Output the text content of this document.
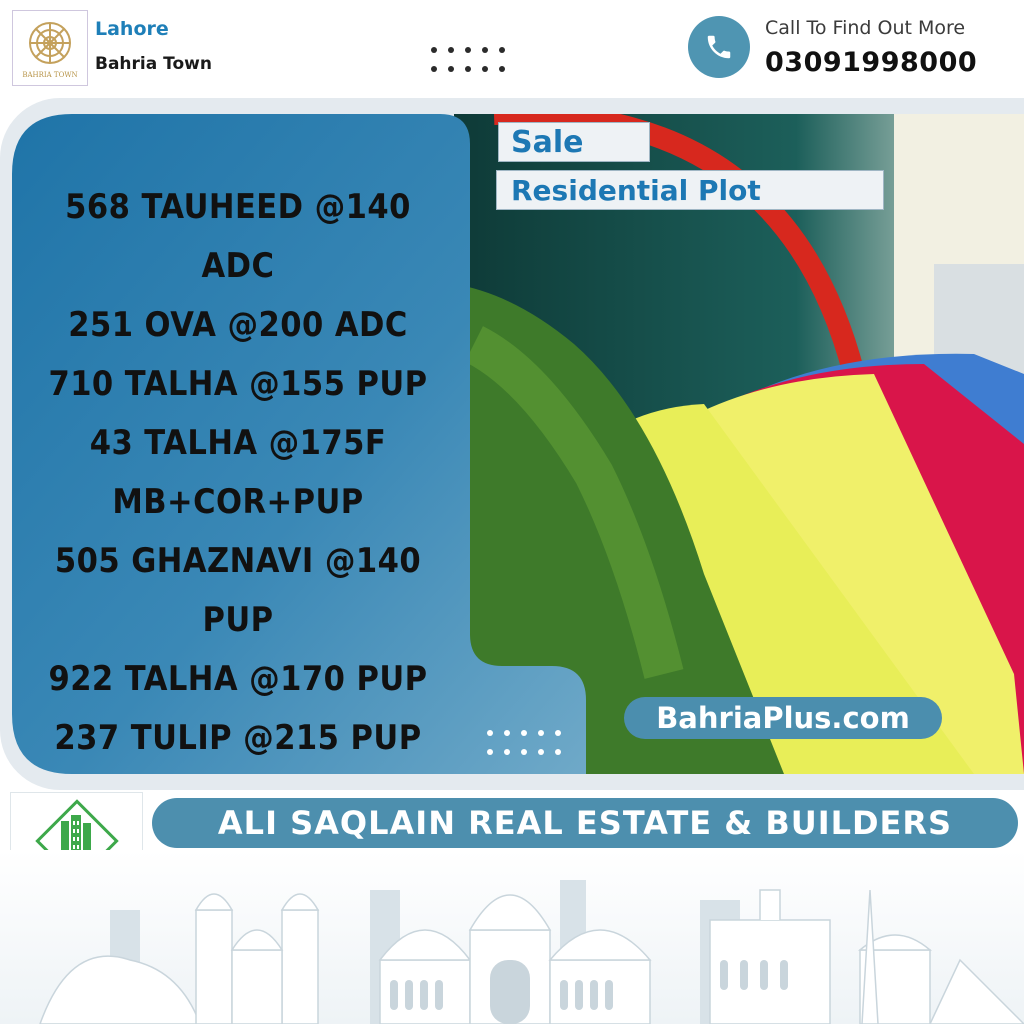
BAHRIA TOWN
Lahore
Bahria Town
Call To Find Out More
03091998000
568 TAUHEED @140 ADC
251 OVA @200 ADC
710 TALHA @155 PUP
43 TALHA @175F
MB+COR+PUP
505 GHAZNAVI @140
PUP
922 TALHA @170 PUP
237 TULIP @215 PUP
Sale
Residential Plot
BahriaPlus.com
ALI SAQLAIN REAL ESTATE & BUILDERS
